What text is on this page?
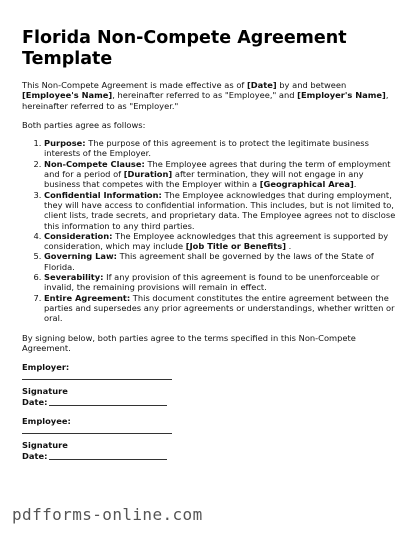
Florida Non-Compete Agreement Template

This Non-Compete Agreement is made effective as of [Date] by and between [Employee's Name], hereinafter referred to as "Employee," and [Employer's Name], hereinafter referred to as "Employer."

Both parties agree as follows:

1. Purpose: The purpose of this agreement is to protect the legitimate business interests of the Employer.
2. Non-Compete Clause: The Employee agrees that during the term of employment and for a period of [Duration] after termination, they will not engage in any business that competes with the Employer within a [Geographical Area].
3. Confidential Information: The Employee acknowledges that during employment, they will have access to confidential information. This includes, but is not limited to, client lists, trade secrets, and proprietary data. The Employee agrees not to disclose this information to any third parties.
4. Consideration: The Employee acknowledges that this agreement is supported by consideration, which may include [Job Title or Benefits] .
5. Governing Law: This agreement shall be governed by the laws of the State of Florida.
6. Severability: If any provision of this agreement is found to be unenforceable or invalid, the remaining provisions will remain in effect.
7. Entire Agreement: This document constitutes the entire agreement between the parties and supersedes any prior agreements or understandings, whether written or oral.

By signing below, both parties agree to the terms specified in this Non-Compete Agreement.

Employer:
Signature
Date:
Employee:
Signature
Date:
pdfforms-online.com
